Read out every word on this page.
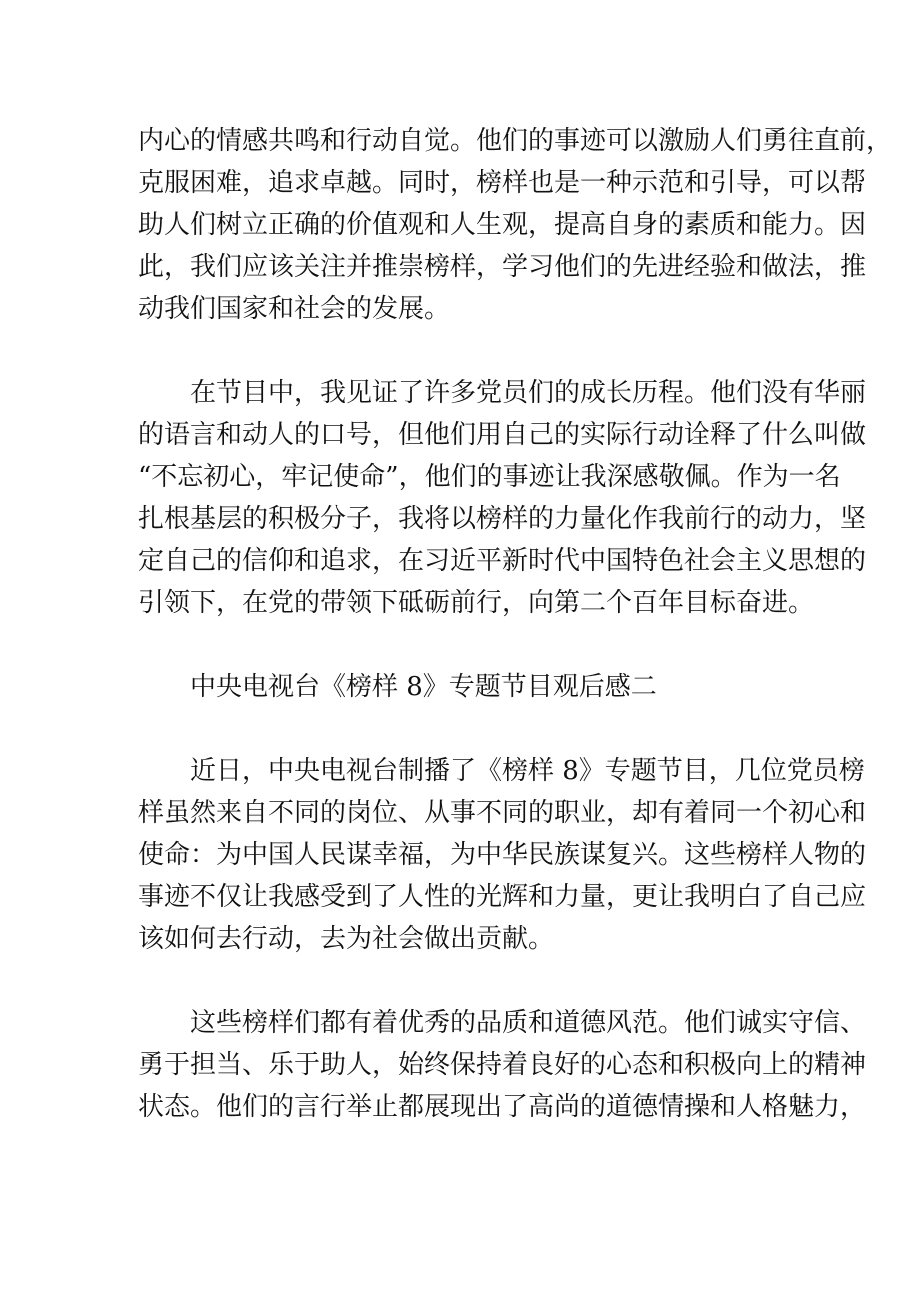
内心的情感共鸣和行动自觉。他们的事迹可以激励人们勇往直前，
克服困难，追求卓越。同时，榜样也是一种示范和引导，可以帮
助人们树立正确的价值观和人生观，提高自身的素质和能力。因
此，我们应该关注并推崇榜样，学习他们的先进经验和做法，推
动我们国家和社会的发展。
在节目中，我见证了许多党员们的成长历程。他们没有华丽
的语言和动人的口号，但他们用自己的实际行动诠释了什么叫做
“不忘初心，牢记使命”，他们的事迹让我深感敬佩。作为一名
扎根基层的积极分子，我将以榜样的力量化作我前行的动力，坚
定自己的信仰和追求，在习近平新时代中国特色社会主义思想的
引领下，在党的带领下砥砺前行，向第二个百年目标奋进。
中央电视台《榜样 8》专题节目观后感二
近日，中央电视台制播了《榜样 8》专题节目，几位党员榜
样虽然来自不同的岗位、从事不同的职业，却有着同一个初心和
使命：为中国人民谋幸福，为中华民族谋复兴。这些榜样人物的
事迹不仅让我感受到了人性的光辉和力量，更让我明白了自己应
该如何去行动，去为社会做出贡献。
这些榜样们都有着优秀的品质和道德风范。他们诚实守信、
勇于担当、乐于助人，始终保持着良好的心态和积极向上的精神
状态。他们的言行举止都展现出了高尚的道德情操和人格魅力，
